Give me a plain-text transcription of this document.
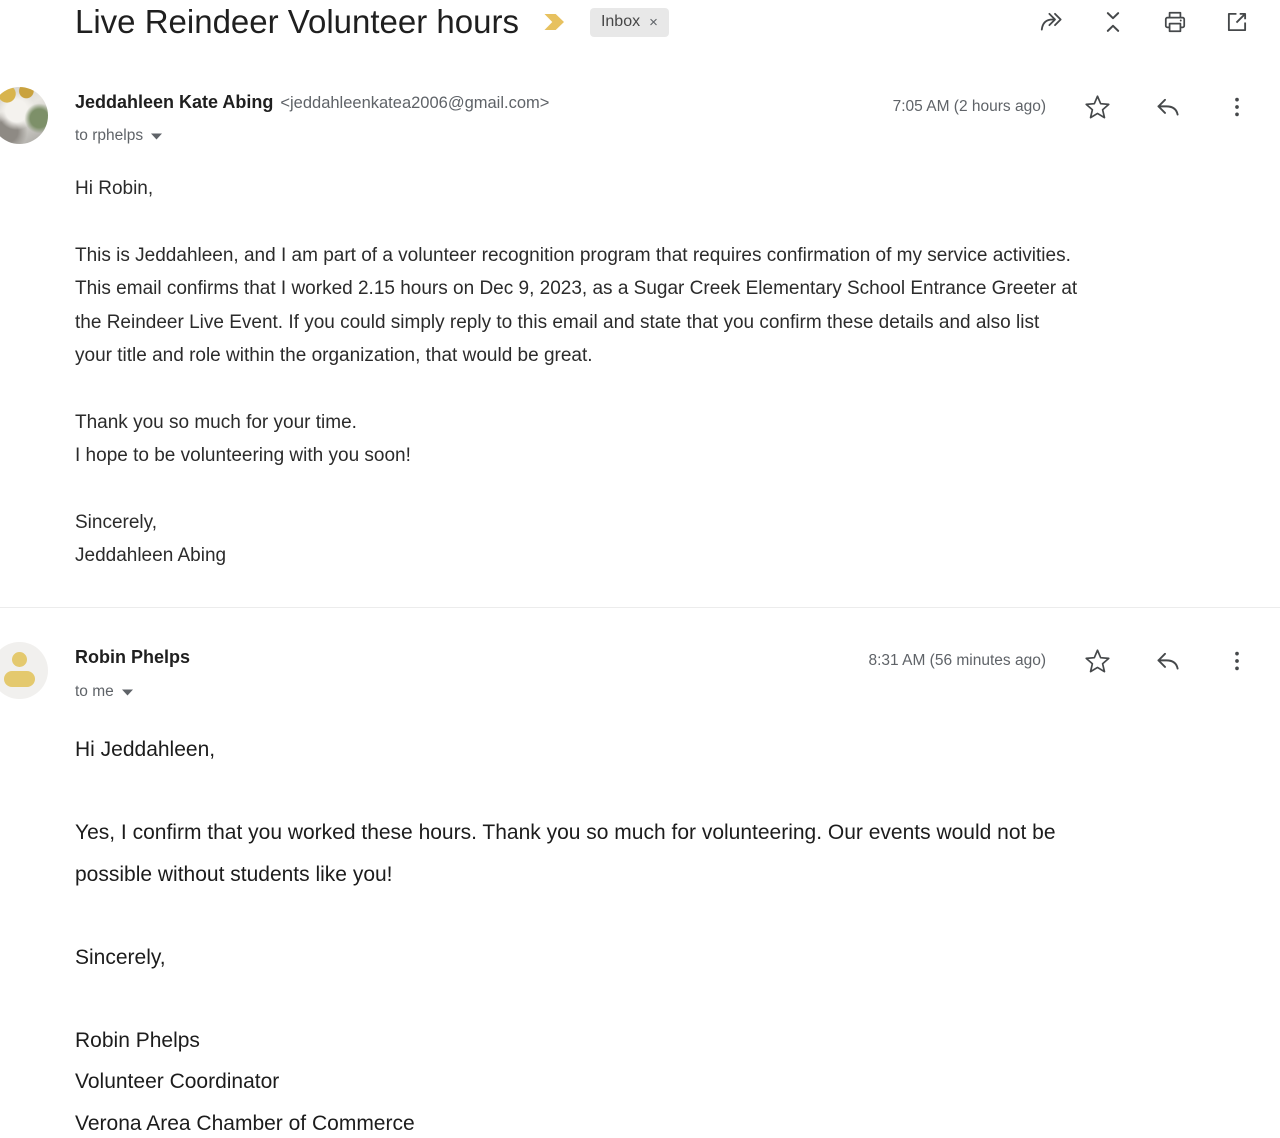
Live Reindeer Volunteer hours	Inbox ×
Jeddahleen Kate Abing <jeddahleenkatea2006@gmail.com>
to rphelps
7:05 AM (2 hours ago)
Hi Robin,
This is Jeddahleen, and I am part of a volunteer recognition program that requires confirmation of my service activities.
This email confirms that I worked 2.15 hours on Dec 9, 2023, as a Sugar Creek Elementary School Entrance Greeter at
the Reindeer Live Event. If you could simply reply to this email and state that you confirm these details and also list
your title and role within the organization, that would be great.
Thank you so much for your time.
I hope to be volunteering with you soon!
Sincerely,
Jeddahleen Abing
Robin Phelps
to me
8:31 AM (56 minutes ago)
Hi Jeddahleen,
Yes, I confirm that you worked these hours. Thank you so much for volunteering. Our events would not be
possible without students like you!
Sincerely,
Robin Phelps
Volunteer Coordinator
Verona Area Chamber of Commerce
